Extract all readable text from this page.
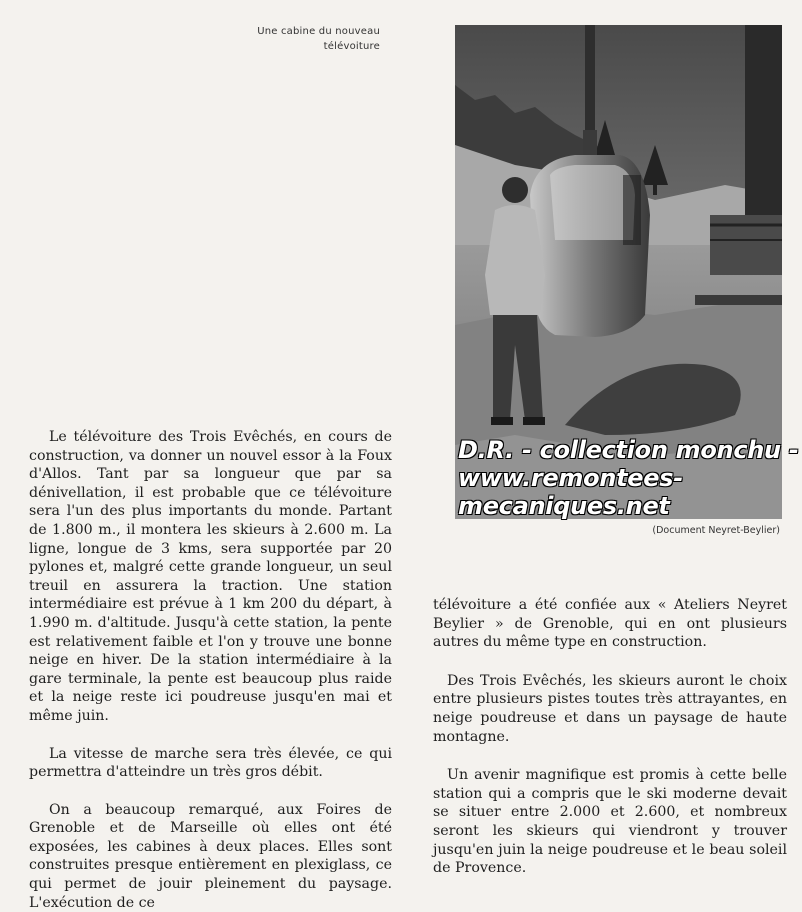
Une cabine du nouveau
télévoiture
D.R. - collection monchu -
www.remontees-
mecaniques.net
(Document Neyret-Beylier)

Le télévoiture des Trois Evêchés, en cours de construction, va donner un nouvel essor à la Foux d'Allos. Tant par sa longueur que par sa dénivellation, il est probable que ce télévoiture sera l'un des plus importants du monde. Partant de 1.800 m., il montera les skieurs à 2.600 m. La ligne, longue de 3 kms, sera supportée par 20 pylones et, malgré cette grande longueur, un seul treuil en assurera la traction. Une station intermédiaire est prévue à 1 km 200 du départ, à 1.990 m. d'altitude. Jusqu'à cette station, la pente est relativement faible et l'on y trouve une bonne neige en hiver. De la station intermédiaire à la gare terminale, la pente est beaucoup plus raide et la neige reste ici poudreuse jusqu'en mai et même juin.

La vitesse de marche sera très élevée, ce qui permettra d'atteindre un très gros débit.

On a beaucoup remarqué, aux Foires de Grenoble et de Marseille où elles ont été exposées, les cabines à deux places. Elles sont construites presque entièrement en plexiglass, ce qui permet de jouir pleinement du paysage. L'exécution de ce

télévoiture a été confiée aux « Ateliers Neyret Beylier » de Grenoble, qui en ont plusieurs autres du même type en construction.

Des Trois Evêchés, les skieurs auront le choix entre plusieurs pistes toutes très attrayantes, en neige poudreuse et dans un paysage de haute montagne.

Un avenir magnifique est promis à cette belle station qui a compris que le ski moderne devait se situer entre 2.000 et 2.600, et nombreux seront les skieurs qui viendront y trouver jusqu'en juin la neige poudreuse et le beau soleil de Provence.
